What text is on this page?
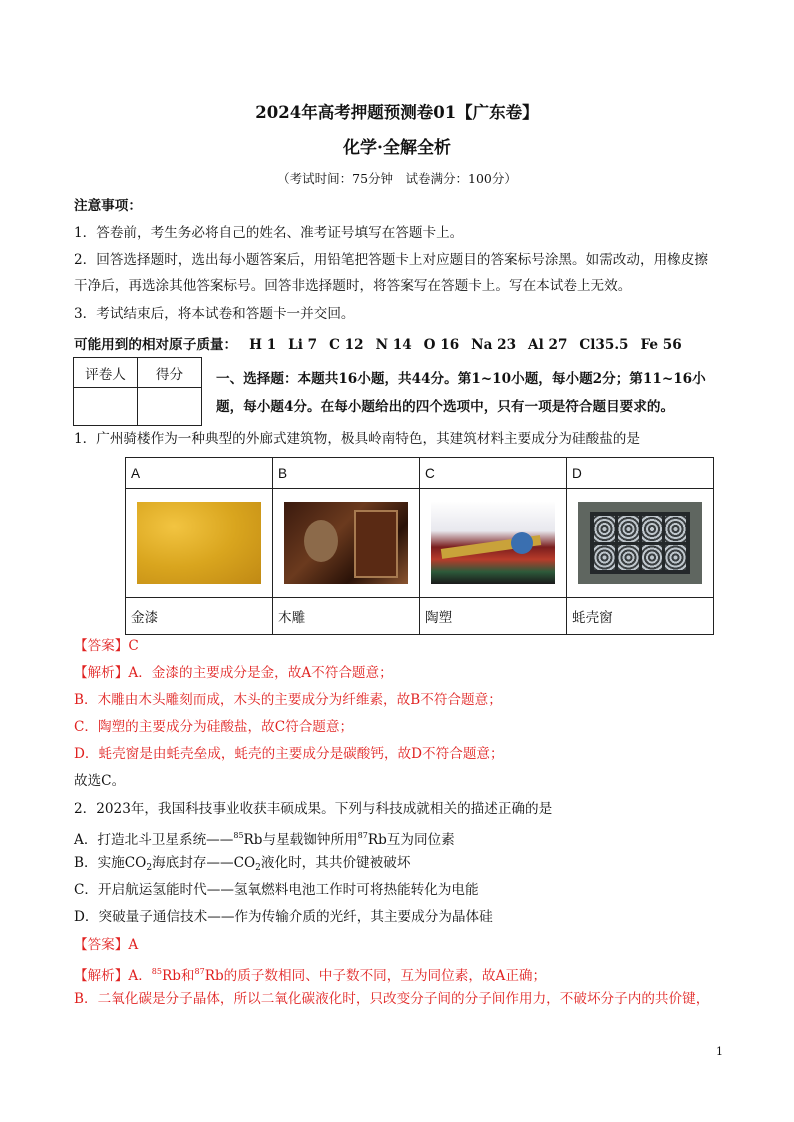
2024年高考押题预测卷01【广东卷】
化学·全解全析
（考试时间：75分钟　试卷满分：100分）
注意事项：
1．答卷前，考生务必将自己的姓名、准考证号填写在答题卡上。
2．回答选择题时，选出每小题答案后，用铅笔把答题卡上对应题目的答案标号涂黑。如需改动，用橡皮擦
干净后，再选涂其他答案标号。回答非选择题时，将答案写在答题卡上。写在本试卷上无效。
3．考试结束后，将本试卷和答题卡一并交回。
可能用到的相对原子质量： H 1 Li 7 C 12 N 14 O 16 Na 23 Al 27 Cl35.5 Fe 56
评卷人	得分
	一、选择题：本题共16小题，共44分。第1~10小题，每小题2分；第11~16小
题，每小题4分。在每小题给出的四个选项中，只有一项是符合题目要求的。
1．广州骑楼作为一种典型的外廊式建筑物，极具岭南特色，其建筑材料主要成分为硅酸盐的是
A	B	C	D

金漆	木雕	陶塑	蚝壳窗
【答案】C
【解析】A．金漆的主要成分是金，故A不符合题意；
B．木雕由木头雕刻而成，木头的主要成分为纤维素，故B不符合题意；
C．陶塑的主要成分为硅酸盐，故C符合题意；
D．蚝壳窗是由蚝壳垒成，蚝壳的主要成分是碳酸钙，故D不符合题意；
故选C。
2．2023年，我国科技事业收获丰硕成果。下列与科技成就相关的描述正确的是
A．打造北斗卫星系统——$^{85}$Rb与星载铷钟所用$^{87}$Rb互为同位素
B．实施$CO_2$海底封存$——CO_2$液化时，其共价键被破坏
C．开启航运氢能时代——氢氧燃料电池工作时可将热能转化为电能
D．突破量子通信技术——作为传输介质的光纤，其主要成分为晶体硅
【答案】A
【解析】A．$^{85}$Rb和$^{87}$Rb的质子数相同、中子数不同，互为同位素，故A正确；
B．二氧化碳是分子晶体，所以二氧化碳液化时，只改变分子间的分子间作用力，不破坏分子内的共价键，
1
